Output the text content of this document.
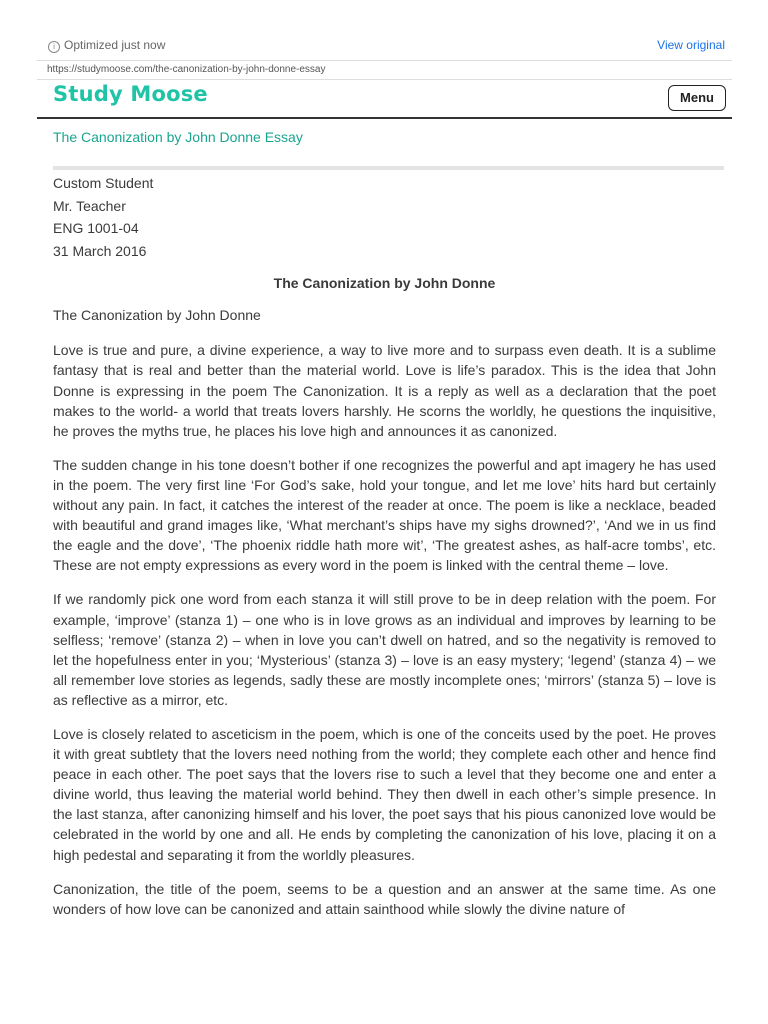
i Optimized just now	View original
https://studymoose.com/the-canonization-by-john-donne-essay
Study Moose	Menu
The Canonization by John Donne Essay
Custom Student
Mr. Teacher
ENG 1001-04
31 March 2016
The Canonization by John Donne
The Canonization by John Donne

Love is true and pure, a divine experience, a way to live more and to surpass even death. It is a sublime fantasy that is real and better than the material world. Love is life’s paradox. This is the idea that John Donne is expressing in the poem The Canonization. It is a reply as well as a declaration that the poet makes to the world- a world that treats lovers harshly. He scorns the worldly, he questions the inquisitive, he proves the myths true, he places his love high and announces it as canonized.

The sudden change in his tone doesn’t bother if one recognizes the powerful and apt imagery he has used in the poem. The very first line ‘For God’s sake, hold your tongue, and let me love’ hits hard but certainly without any pain. In fact, it catches the interest of the reader at once. The poem is like a necklace, beaded with beautiful and grand images like, ‘What merchant’s ships have my sighs drowned?’, ‘And we in us find the eagle and the dove’, ‘The phoenix riddle hath more wit’, ‘The greatest ashes, as half-acre tombs’, etc. These are not empty expressions as every word in the poem is linked with the central theme – love.

If we randomly pick one word from each stanza it will still prove to be in deep relation with the poem. For example, ‘improve’ (stanza 1) – one who is in love grows as an individual and improves by learning to be selfless; ‘remove’ (stanza 2) – when in love you can’t dwell on hatred, and so the negativity is removed to let the hopefulness enter in you; ‘Mysterious’ (stanza 3) – love is an easy mystery; ‘legend’ (stanza 4) – we all remember love stories as legends, sadly these are mostly incomplete ones; ‘mirrors’ (stanza 5) – love is as reflective as a mirror, etc.

Love is closely related to asceticism in the poem, which is one of the conceits used by the poet. He proves it with great subtlety that the lovers need nothing from the world; they complete each other and hence find peace in each other. The poet says that the lovers rise to such a level that they become one and enter a divine world, thus leaving the material world behind. They then dwell in each other’s simple presence. In the last stanza, after canonizing himself and his lover, the poet says that his pious canonized love would be celebrated in the world by one and all. He ends by completing the canonization of his love, placing it on a high pedestal and separating it from the worldly pleasures.

Canonization, the title of the poem, seems to be a question and an answer at the same time. As one wonders of how love can be canonized and attain sainthood while slowly the divine nature of
